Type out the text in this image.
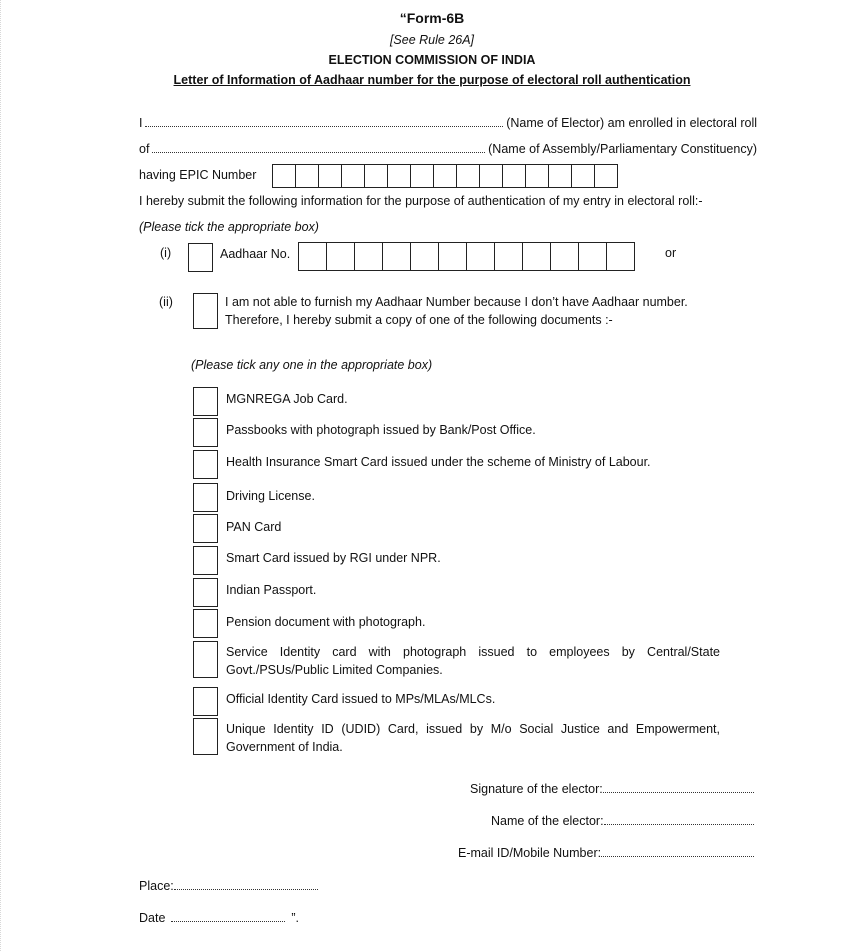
“Form-6B
[See Rule 26A]
ELECTION COMMISSION OF INDIA
Letter of Information of Aadhaar number for the purpose of electoral roll authentication
I	(Name of Elector) am enrolled in electoral roll
of	(Name of Assembly/Parliamentary Constituency)
having EPIC Number
I hereby submit the following information for the purpose of authentication of my entry in electoral roll:-
(Please tick the appropriate box)
(i)	Aadhaar No.	or
(ii)	I am not able to furnish my Aadhaar Number because I don’t have Aadhaar number.
Therefore, I hereby submit a copy of one of the following documents :-
(Please tick any one in the appropriate box)
MGNREGA Job Card.
Passbooks with photograph issued by Bank/Post Office.
Health Insurance Smart Card issued under the scheme of Ministry of Labour.
Driving License.
PAN Card
Smart Card issued by RGI under NPR.
Indian Passport.
Pension document with photograph.
Service Identity card with photograph issued to employees by Central/State Govt./PSUs/Public Limited Companies.
Official Identity Card issued to MPs/MLAs/MLCs.
Unique Identity ID (UDID) Card, issued by M/o Social Justice and Empowerment, Government of India.
Signature of the elector:
Name of the elector:
E-mail ID/Mobile Number:
Place:
Date	”.
